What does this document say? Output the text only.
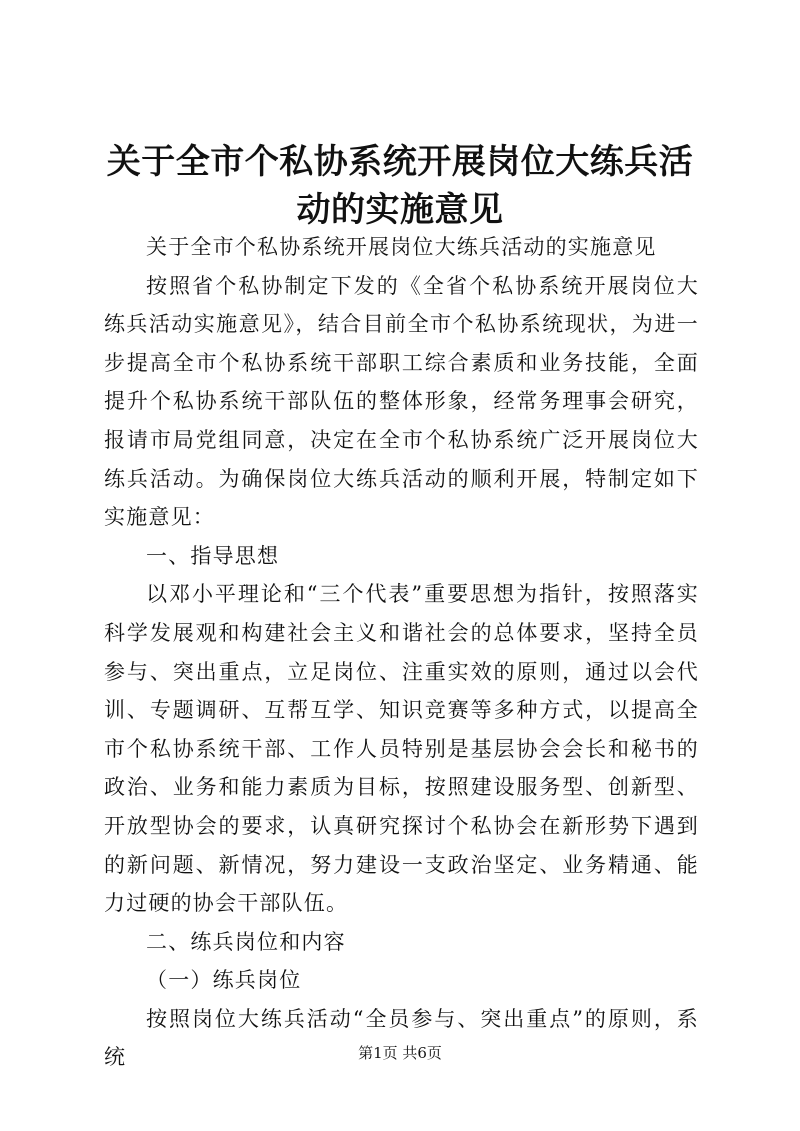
关于全市个私协系统开展岗位大练兵活动的实施意见

关于全市个私协系统开展岗位大练兵活动的实施意见

按照省个私协制定下发的《全省个私协系统开展岗位大练兵活动实施意见》，结合目前全市个私协系统现状，为进一步提高全市个私协系统干部职工综合素质和业务技能，全面提升个私协系统干部队伍的整体形象，经常务理事会研究，报请市局党组同意，决定在全市个私协系统广泛开展岗位大练兵活动。为确保岗位大练兵活动的顺利开展，特制定如下实施意见：

一、指导思想

以邓小平理论和“三个代表”重要思想为指针，按照落实科学发展观和构建社会主义和谐社会的总体要求，坚持全员参与、突出重点，立足岗位、注重实效的原则，通过以会代训、专题调研、互帮互学、知识竞赛等多种方式，以提高全市个私协系统干部、工作人员特别是基层协会会长和秘书的政治、业务和能力素质为目标，按照建设服务型、创新型、开放型协会的要求，认真研究探讨个私协会在新形势下遇到的新问题、新情况，努力建设一支政治坚定、业务精通、能力过硬的协会干部队伍。

二、练兵岗位和内容

（一）练兵岗位

按照岗位大练兵活动“全员参与、突出重点”的原则，系统	第1页 共6页
